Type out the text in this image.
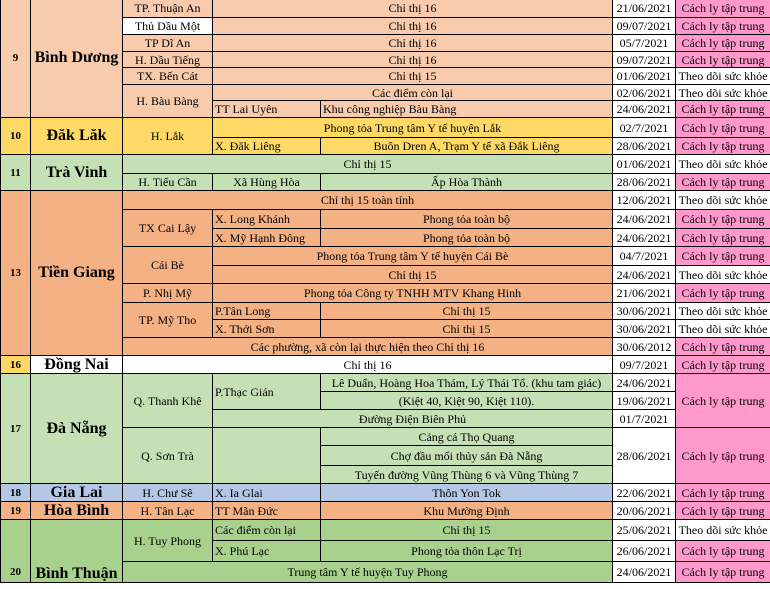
9	Bình Dương	TP. Thuận An	Chỉ thị 16		21/06/2021	Cách ly tập trung
		Thủ Dầu Một	Chỉ thị 16		09/07/2021	Cách ly tập trung
		TP Dĩ An	Chỉ thị 16		05/7/2021	Cách ly tập trung
		H. Dầu Tiếng	Chỉ thị 16		09/07/2021	Cách ly tập trung
		TX. Bến Cát	Chỉ thị 15		01/06/2021	Theo dõi sức khỏe
		H. Bàu Bàng	Các điểm còn lại		02/06/2021	Theo dõi sức khỏe
			TT Lai Uyên	Khu công nghiệp Bàu Bàng	24/06/2021	Cách ly tập trung
10	Đăk Lăk	H. Lắk	Phong tỏa Trung tâm Y tế huyện Lắk		02/7/2021	Cách ly tập trung
			X. Đăk Liêng	Buôn Dren A, Trạm Y tế xã Đắk Liêng	28/06/2021	Cách ly tập trung
11	Trà Vinh	Chỉ thị 15			01/06/2021	Theo dõi sức khỏe
		H. Tiểu Cần	Xã Hùng Hòa	Ấp Hòa Thành	28/06/2021	Cách ly tập trung
13	Tiền Giang	Chỉ thị 15 toàn tỉnh			12/06/2021	Theo dõi sức khỏe
		TX Cai Lậy	X. Long Khánh	Phong tỏa toàn bộ	24/06/2021	Cách ly tập trung
			X. Mỹ Hạnh Đông	Phong tỏa toàn bộ	24/06/2021	Cách ly tập trung
		Cái Bè	Phong tỏa Trung tâm Y tế huyện Cái Bè		04/7/2021	Cách ly tập trung
			Chỉ thị 15		24/06/2021	Theo dõi sức khỏe
		P. Nhị Mỹ	Phong tỏa Công ty TNHH MTV Khang Hinh		21/06/2021	Cách ly tập trung
		TP. Mỹ Tho	P.Tân Long	Chỉ thị 15	30/06/2021	Theo dõi sức khỏe
			X. Thới Sơn	Chỉ thị 15	30/06/2021	Theo dõi sức khỏe
		Các phường, xã còn lại thực hiện theo Chỉ thị 16			30/06/2012	Cách ly tập trung
16	Đồng Nai	Chỉ thị 16			09/7/2021	Cách ly tập trung
17	Đà Nẵng	Q. Thanh Khê	P.Thạc Gián	Lê Duẩn, Hoàng Hoa Thám, Lý Thái Tổ. (khu tam giác)	24/06/2021	Cách ly tập trung
				(Kiệt 40, Kiệt 90, Kiệt 110).	19/06/2021	
			Đường Điện Biên Phủ		01/7/2021	
		Q. Sơn Trà		Cảng cá Thọ Quang	28/06/2021	Cách ly tập trung
				Chợ đầu mối thủy sản Đà Nẵng		
				Tuyến đường Vũng Thùng 6 và Vũng Thùng 7		
18	Gia Lai	H. Chư Sê	X. Ia Glai	Thôn Yon Tok	22/06/2021	Cách ly tập trung
19	Hòa Bình	H. Tân Lạc	TT Mãn Đức	Khu Mường Định	20/06/2021	Cách ly tập trung
20	Bình Thuận	H. Tuy Phong	Các điểm còn lại	Chỉ thị 15	25/06/2021	Theo dõi sức khỏe
			X. Phú Lạc	Phong tỏa thôn Lạc Trị	26/06/2021	Cách ly tập trung
		Trung tâm Y tế huyện Tuy Phong			24/06/2021	Cách ly tập trung
